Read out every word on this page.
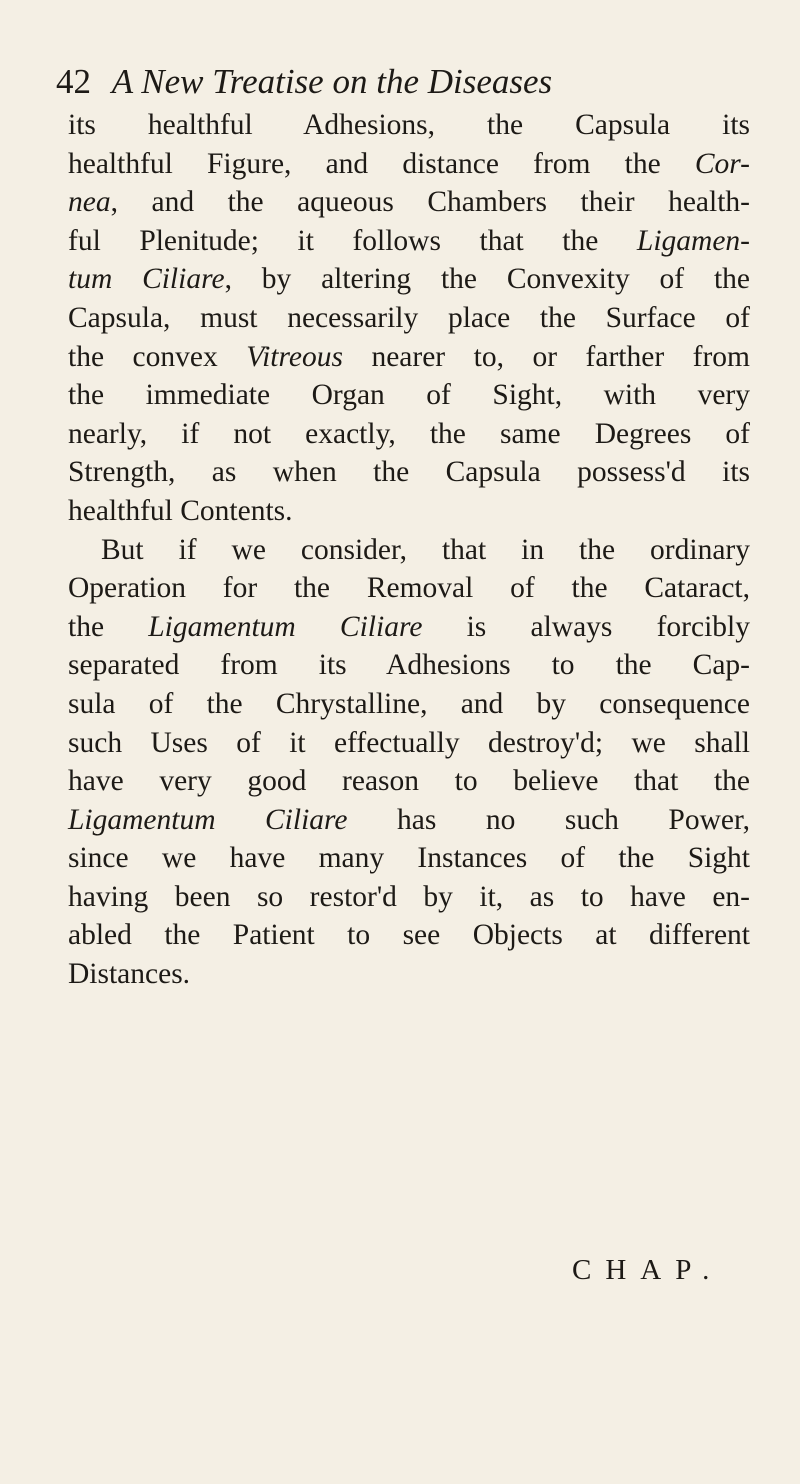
42 A New Treatise on the Diseases
its healthful Adhesions, the Capsula its
healthful Figure, and distance from the Cor-
nea, and the aqueous Chambers their health-
ful Plenitude; it follows that the Ligamen-
tum Ciliare, by altering the Convexity of the
Capsula, must necessarily place the Surface of
the convex Vitreous nearer to, or farther from
the immediate Organ of Sight, with very
nearly, if not exactly, the same Degrees of
Strength, as when the Capsula possess'd its
healthful Contents.
But if we consider, that in the ordinary
Operation for the Removal of the Cataract,
the Ligamentum Ciliare is always forcibly
separated from its Adhesions to the Cap-
sula of the Chrystalline, and by consequence
such Uses of it effectually destroy'd; we shall
have very good reason to believe that the
Ligamentum Ciliare has no such Power,
since we have many Instances of the Sight
having been so restor'd by it, as to have en-
abled the Patient to see Objects at different
Distances.
CHAP.
